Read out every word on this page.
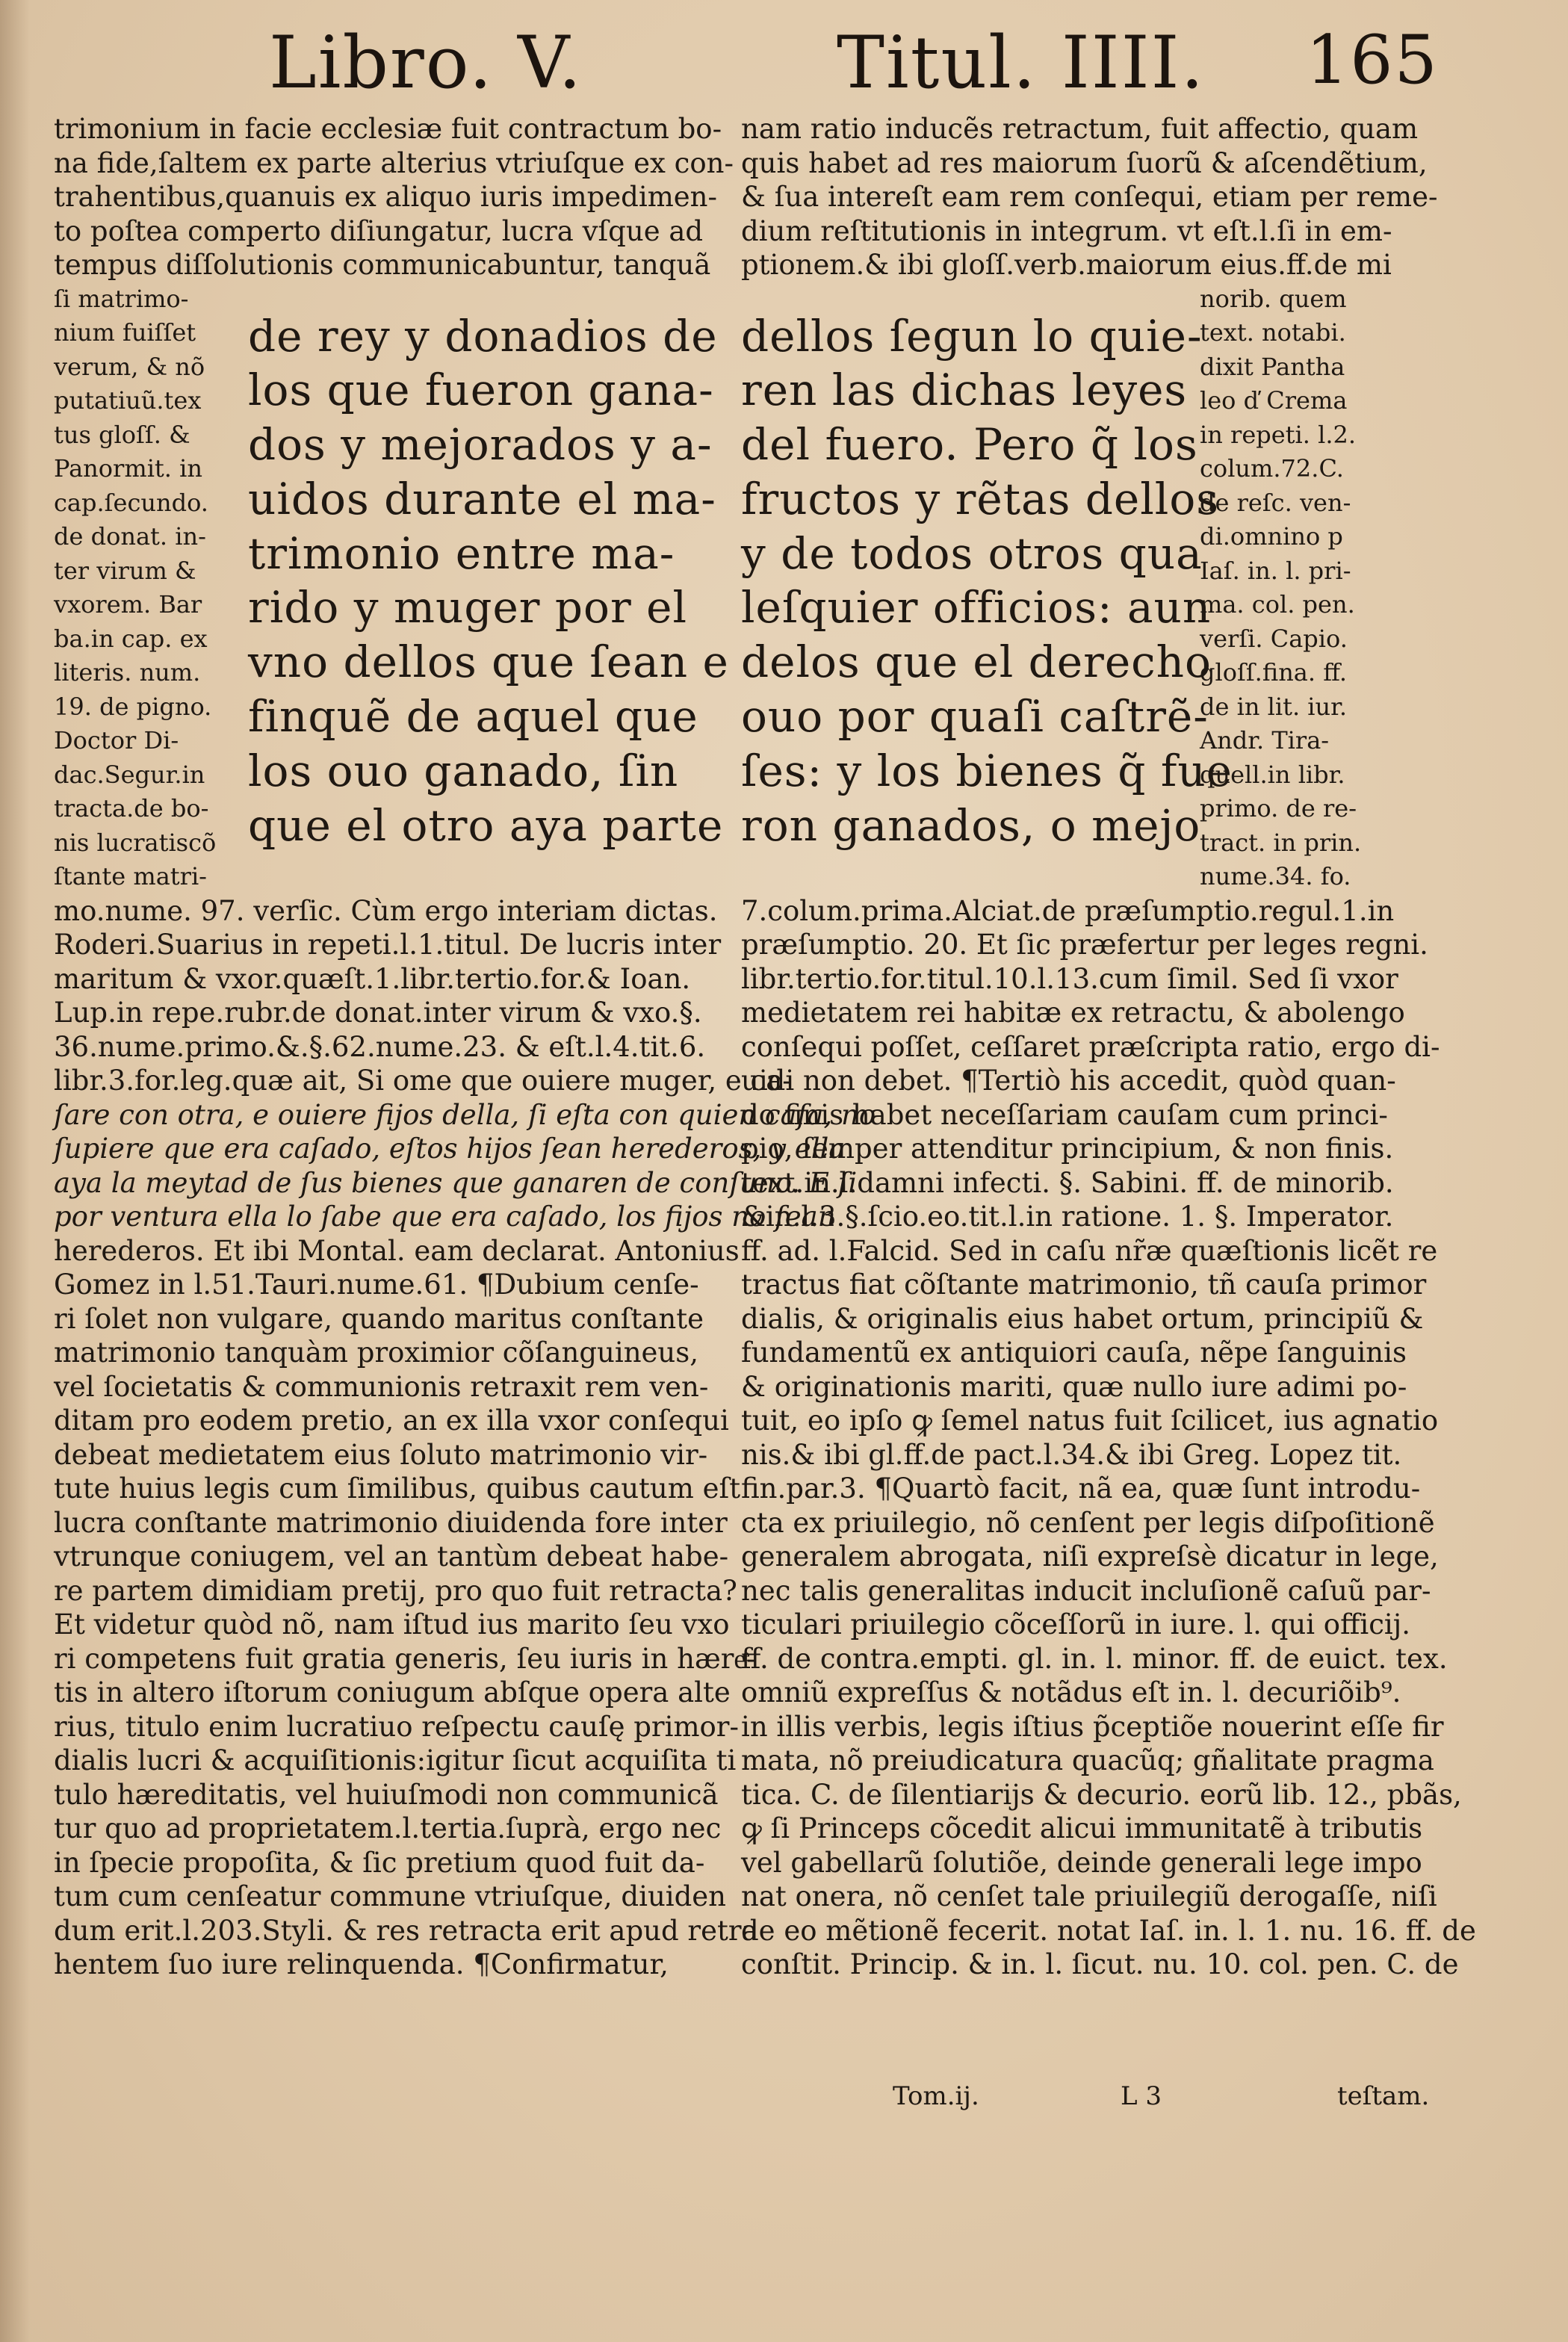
Libro. V.	Titul. IIII. 165
trimonium in facie ecclesiæ fuit contractum bo-
na fide,ſaltem ex parte alterius vtriuſque ex con-
trahentibus,quanuis ex aliquo iuris impedimen-
to poſtea comperto diſiungatur, lucra vſque ad
tempus diſſolutionis communicabuntur, tanquã
ſi matrimo-
nium fuiſſet
verum, & nõ
putatiuũ.tex
tus gloſſ. &
Panormit. in
cap.ſecundo.
de donat. in-
ter virum &
vxorem. Bar
ba.in cap. ex
literis. num.
19. de pigno.
Doctor Di-
dac.Segur.in
tracta.de bo-
nis lucratiscõ
ſtante matri-
de rey y donadios de
los que fueron gana-
dos y mejorados y a-
uidos durante el ma-
trimonio entre ma-
rido y muger por el
vno dellos que ſean e
finquẽ de aquel que
los ouo ganado, ſin
que el otro aya parte
mo.nume. 97. verſic. Cùm ergo interiam dictas.
Roderi.Suarius in repeti.l.1.titul. De lucris inter
maritum & vxor.quæſt.1.libr.tertio.for.& Ioan.
Lup.in repe.rubr.de donat.inter virum & vxo.§.
36.nume.primo.&.§.62.nume.23. & eſt.l.4.tit.6.
libr.3.for.leg.quæ ait, Si ome que ouiere muger, e ca-
ſare con otra, e ouiere fijos della, ſi eſta con quien caſa, no
ſupiere que era caſado, eſtos hijos ſean herederos, y ella
aya la meytad de ſus bienes que ganaren de conſuno. E ſi
por ventura ella lo ſabe que era caſado, los fijos no ſean
herederos. Et ibi Montal. eam declarat. Antonius
Gomez in l.51.Tauri.nume.61. ¶Dubium cenſe-
ri ſolet non vulgare, quando maritus conſtante
matrimonio tanquàm proximior cõſanguineus,
vel ſocietatis & communionis retraxit rem ven-
ditam pro eodem pretio, an ex illa vxor conſequi
debeat medietatem eius ſoluto matrimonio vir-
tute huius legis cum ſimilibus, quibus cautum eſt
lucra conſtante matrimonio diuidenda fore inter
vtrunque coniugem, vel an tantùm debeat habe-
re partem dimidiam pretij, pro quo fuit retracta?
Et videtur quòd nõ, nam iſtud ius marito ſeu vxo
ri competens fuit gratia generis, ſeu iuris in hæreͤ-
tis in altero iſtorum coniugum abſque opera alte
rius, titulo enim lucratiuo reſpectu cauſę primor-
dialis lucri & acquiſitionis:igitur ſicut acquiſita ti
tulo hæreditatis, vel huiuſmodi non communicã
tur quo ad proprietatem.l.tertia.ſuprà, ergo nec
in ſpecie propoſita, & ſic pretium quod fuit da-
tum cum cenſeatur commune vtriuſque, diuiden
dum erit.l.203.Styli. & res retracta erit apud retra
hentem ſuo iure relinquenda. ¶Confirmatur,
nam ratio inducẽs retractum, fuit affectio, quam
quis habet ad res maiorum ſuorũ & aſcendẽtium,
& ſua intereſt eam rem conſequi, etiam per reme-
dium reſtitutionis in integrum. vt eſt.l.ſi in em-
ptionem.& ibi gloſſ.verb.maiorum eius.ff.de mi
dellos ſegun lo quie-
ren las dichas leyes
del fuero. Pero q̃ los
fructos y rẽtas dellos
y de todos otros qua
leſquier officios: aun
delos que el derecho
ouo por quaſi caſtrẽ-
ſes: y los bienes q̃ fue
ron ganados, o mejo
norib. quem
text. notabi.
dixit Pantha
leo ď Crema
in repeti. l.2.
colum.72.C.
de reſc. ven-
di.omnino p
Iaſ. in. l. pri-
ma. col. pen.
verſi. Capio.
gloſſ.fina. ff.
de in lit. iur.
Andr. Tira-
quell.in libr.
primo. de re-
tract. in prin.
nume.34. fo.
7.colum.prima.Alciat.de præſumptio.regul.1.in
præſumptio. 20. Et ſic præfertur per leges regni.
libr.tertio.for.titul.10.l.13.cum ſimil. Sed ſi vxor
medietatem rei habitæ ex retractu, & abolengo
conſequi poſſet, ceſſaret præſcripta ratio, ergo di-
uidi non debet. ¶Tertiò his accedit, quòd quan-
do finis habet neceſſariam cauſam cum princi-
pio, ſemper attenditur principium, & non finis.
text.in.l.damni infecti. §. Sabini. ff. de minorib.
&in.l.3.§.ſcio.eo.tit.l.in ratione. 1. §. Imperator.
ff. ad. l.Falcid. Sed in caſu nr̃æ quæſtionis licẽt re
tractus fiat cõſtante matrimonio, tñ cauſa primor
dialis, & originalis eius habet ortum, principiũ &
fundamentũ ex antiquiori cauſa, nẽpe ſanguinis
& originationis mariti, quæ nullo iure adimi po-
tuit, eo ipſo ꝙ ſemel natus fuit ſcilicet, ius agnatio
nis.& ibi gl.ff.de pact.l.34.& ibi Greg. Lopez tit.
fin.par.3. ¶Quartò facit, nã ea, quæ ſunt introdu-
cta ex priuilegio, nõ cenſent per legis diſpoſitionẽ
generalem abrogata, niſi expreſsè dicatur in lege,
nec talis generalitas inducit incluſionẽ caſuũ par-
ticulari priuilegio cõceſſorũ in iure. l. qui officij.
ff. de contra.empti. gl. in. l. minor. ff. de euict. tex.
omniũ expreſſus & notãdus eſt in. l. decuriõib⁹.
in illis verbis, legis iſtius p̃ceptiõe nouerint eſſe fir
mata, nõ preiudicatura quacũq; gñalitate pragma
tica. C. de ſilentiarijs & decurio. eorũ lib. 12., pbãs,
ꝙ ſi Princeps cõcedit alicui immunitatẽ à tributis
vel gabellarũ ſolutiõe, deinde generali lege impo
nat onera, nõ cenſet tale priuilegiũ derogaſſe, niſi
de eo mẽtionẽ fecerit. notat Iaſ. in. l. 1. nu. 16. ff. de
conſtit. Princip. & in. l. ſicut. nu. 10. col. pen. C. de
Tom.ij.	L 3	teſtam.
